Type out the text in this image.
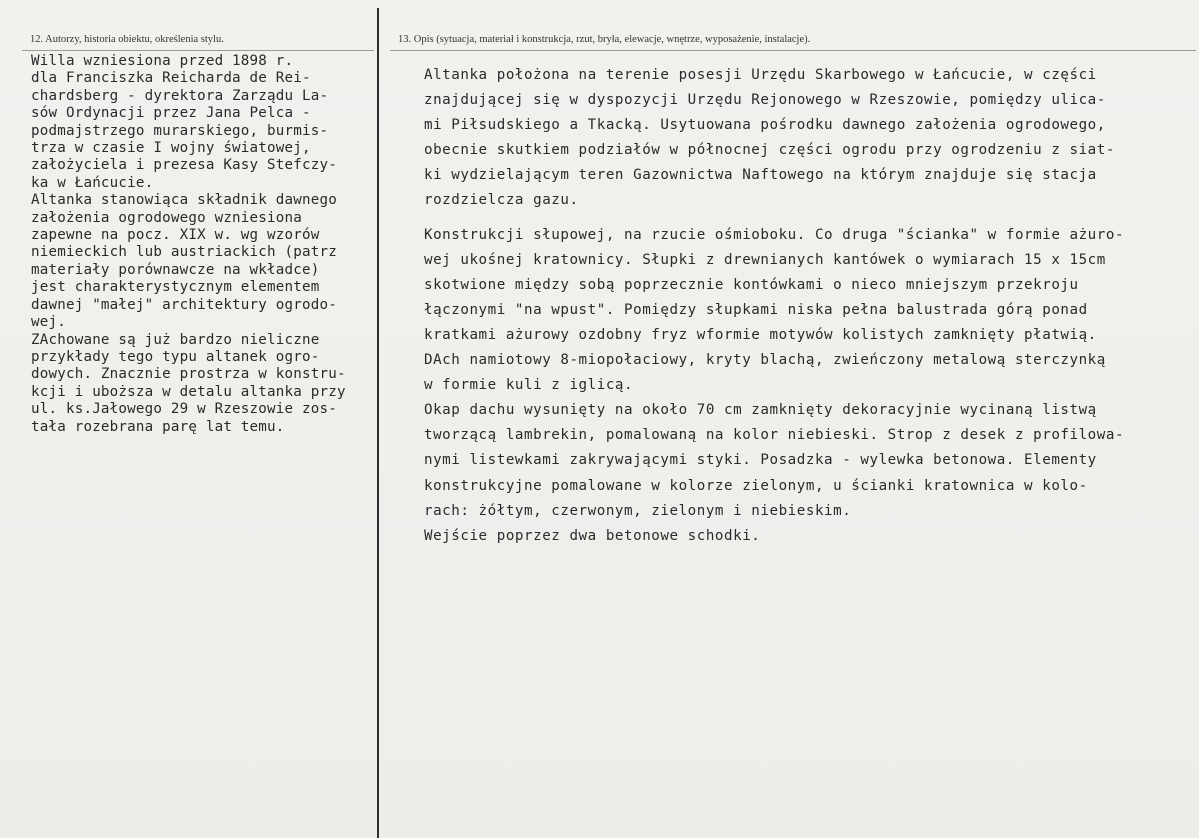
12. Autorzy, historia obiektu, określenia stylu.	13. Opis (sytuacja, materiał i konstrukcja, rzut, bryła, elewacje, wnętrze, wyposażenie, instalacje).
Willa wzniesiona przed 1898 r.
dla Franciszka Reicharda de Rei-
chardsberg - dyrektora Zarządu La-
sów Ordynacji przez Jana Pelca -
podmajstrzego murarskiego, burmis-
trza w czasie I wojny światowej,
założyciela i prezesa Kasy Stefczy-
ka w Łańcucie.
Altanka stanowiąca składnik dawnego
założenia ogrodowego wzniesiona
zapewne na pocz. XIX w. wg wzorów
niemieckich lub austriackich (patrz
materiały porównawcze na wkładce)
jest charakterystycznym elementem
dawnej "małej" architektury ogrodo-
wej.
ZAchowane są już bardzo nieliczne
przykłady tego typu altanek ogro-
dowych. Znacznie prostrza w konstru-
kcji i uboższa w detalu altanka przy
ul. ks.Jałowego 29 w Rzeszowie zos-
tała rozebrana parę lat temu.
Altanka położona na terenie posesji Urzędu Skarbowego w Łańcucie, w części
znajdującej się w dyspozycji Urzędu Rejonowego w Rzeszowie, pomiędzy ulica-
mi Piłsudskiego a Tkacką. Usytuowana pośrodku dawnego założenia ogrodowego,
obecnie skutkiem podziałów w północnej części ogrodu przy ogrodzeniu z siat-
ki wydzielającym teren Gazownictwa Naftowego na którym znajduje się stacja
rozdzielcza gazu.
Konstrukcji słupowej, na rzucie ośmioboku. Co druga "ścianka" w formie ażuro-
wej ukośnej kratownicy. Słupki z drewnianych kantówek o wymiarach 15 x 15cm
skotwione między sobą poprzecznie kontówkami o nieco mniejszym przekroju
łączonymi "na wpust". Pomiędzy słupkami niska pełna balustrada górą ponad
kratkami ażurowy ozdobny fryz wformie motywów kolistych zamknięty płatwią.
DAch namiotowy 8-miopołaciowy, kryty blachą, zwieńczony metalową sterczynką
w formie kuli z iglicą.
Okap dachu wysunięty na około 70 cm zamknięty dekoracyjnie wycinaną listwą
tworzącą lambrekin, pomalowaną na kolor niebieski. Strop z desek z profilowa-
nymi listewkami zakrywającymi styki. Posadzka - wylewka betonowa. Elementy
konstrukcyjne pomalowane w kolorze zielonym, u ścianki kratownica w kolo-
rach: żółtym, czerwonym, zielonym i niebieskim.
Wejście poprzez dwa betonowe schodki.
